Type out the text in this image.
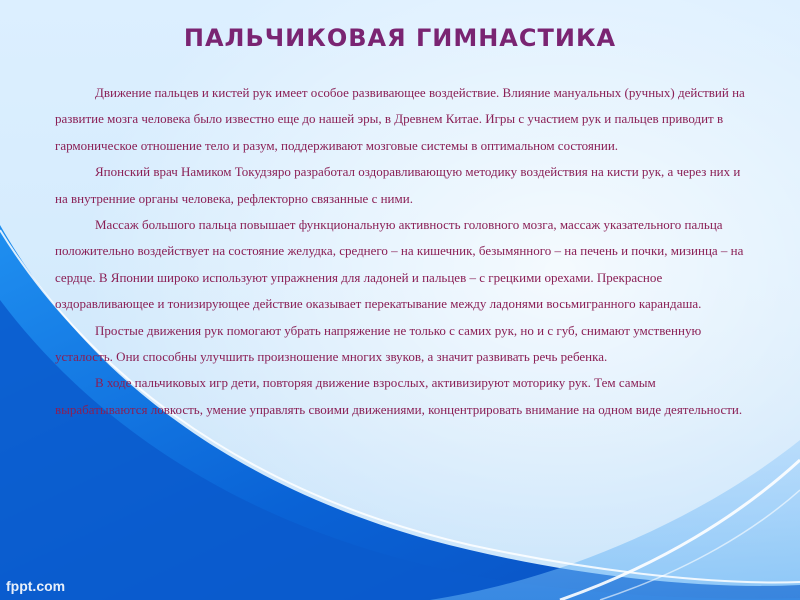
ПАЛЬЧИКОВАЯ ГИМНАСТИКА

Движение пальцев и кистей рук имеет особое развивающее воздействие. Влияние мануальных (ручных) действий на развитие мозга человека было известно еще до нашей эры, в Древнем Китае. Игры с участием рук и пальцев приводит в гармоническое отношение тело и разум, поддерживают мозговые системы в оптимальном состоянии.

Японский врач Намиком Токудзяро разработал оздоравливающую методику воздействия на кисти рук, а через них и на внутренние органы человека, рефлекторно связанные с ними.

Массаж большого пальца повышает функциональную активность головного мозга, массаж указательного пальца положительно воздействует на состояние желудка, среднего – на кишечник, безымянного – на печень и почки, мизинца – на сердце. В Японии широко используют упражнения для ладоней и пальцев – с грецкими орехами. Прекрасное оздоравливающее и тонизирующее действие оказывает перекатывание между ладонями восьмигранного карандаша.

Простые движения рук помогают убрать напряжение не только с самих рук, но и с губ, снимают умственную усталость. Они способны улучшить произношение многих звуков, а значит развивать речь ребенка.

В ходе пальчиковых игр дети, повторяя движение взрослых, активизируют моторику рук. Тем самым вырабатываются ловкость, умение управлять своими движениями, концентрировать внимание на одном виде деятельности.

fppt.com
